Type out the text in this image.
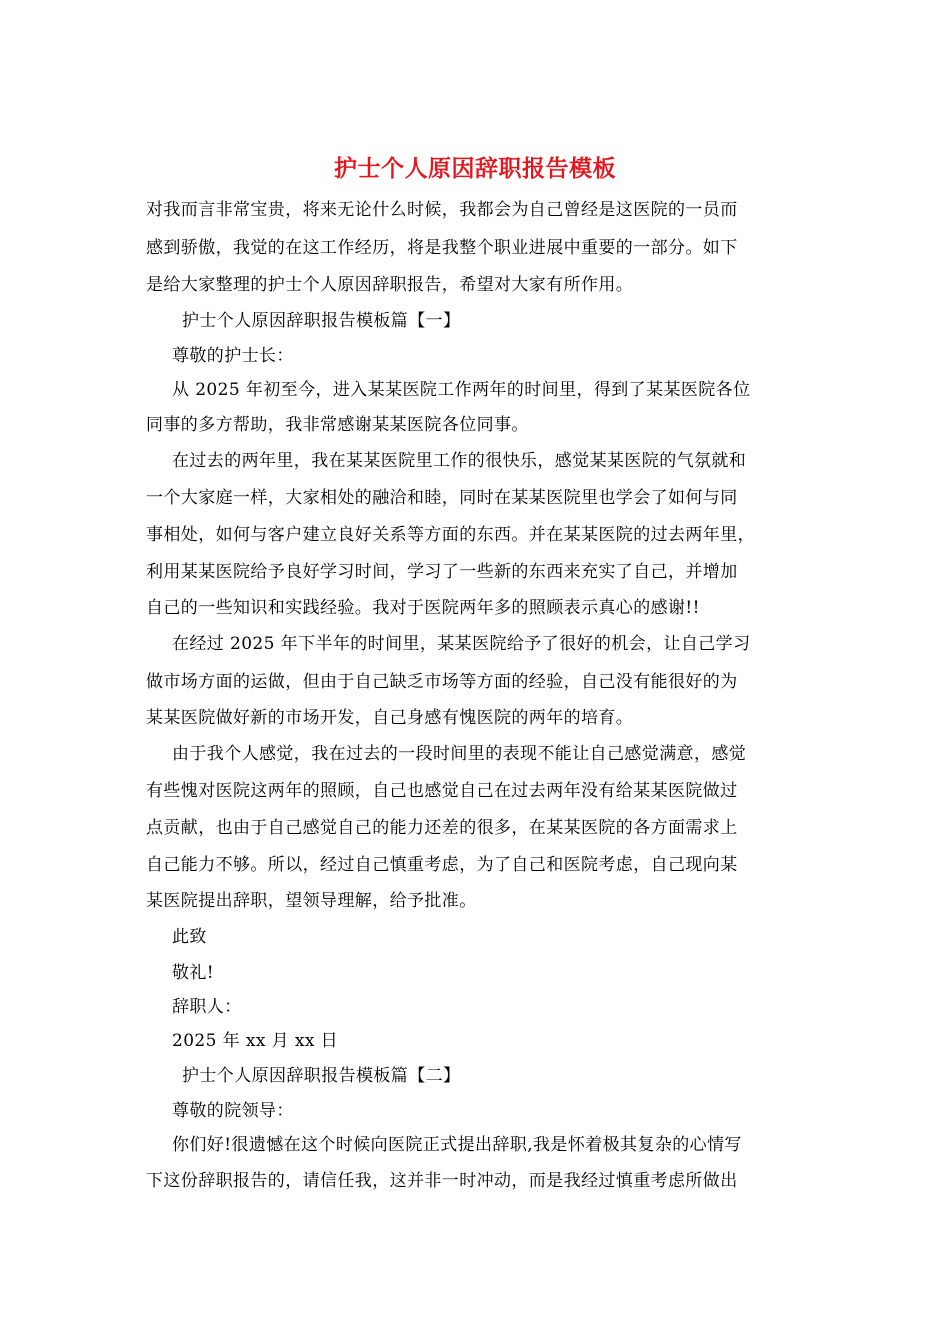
护士个人原因辞职报告模板
对我而言非常宝贵，将来无论什么时候，我都会为自己曾经是这医院的一员而
感到骄傲，我觉的在这工作经历，将是我整个职业进展中重要的一部分。如下
是给大家整理的护士个人原因辞职报告，希望对大家有所作用。
护士个人原因辞职报告模板篇【一】
尊敬的护士长：
从 2025 年初至今，进入某某医院工作两年的时间里，得到了某某医院各位
同事的多方帮助，我非常感谢某某医院各位同事。
在过去的两年里，我在某某医院里工作的很快乐，感觉某某医院的气氛就和
一个大家庭一样，大家相处的融洽和睦，同时在某某医院里也学会了如何与同
事相处，如何与客户建立良好关系等方面的东西。并在某某医院的过去两年里，
利用某某医院给予良好学习时间，学习了一些新的东西来充实了自己，并增加
自己的一些知识和实践经验。我对于医院两年多的照顾表示真心的感谢!!
在经过 2025 年下半年的时间里，某某医院给予了很好的机会，让自己学习
做市场方面的运做，但由于自己缺乏市场等方面的经验，自己没有能很好的为
某某医院做好新的市场开发，自己身感有愧医院的两年的培育。
由于我个人感觉，我在过去的一段时间里的表现不能让自己感觉满意，感觉
有些愧对医院这两年的照顾，自己也感觉自己在过去两年没有给某某医院做过
点贡献，也由于自己感觉自己的能力还差的很多，在某某医院的各方面需求上
自己能力不够。所以，经过自己慎重考虑，为了自己和医院考虑，自己现向某
某医院提出辞职，望领导理解，给予批准。
此致
敬礼!
辞职人：
2025 年 xx 月 xx 日
护士个人原因辞职报告模板篇【二】
尊敬的院领导：
你们好!很遗憾在这个时候向医院正式提出辞职,我是怀着极其复杂的心情写
下这份辞职报告的，请信任我，这并非一时冲动，而是我经过慎重考虑所做出
